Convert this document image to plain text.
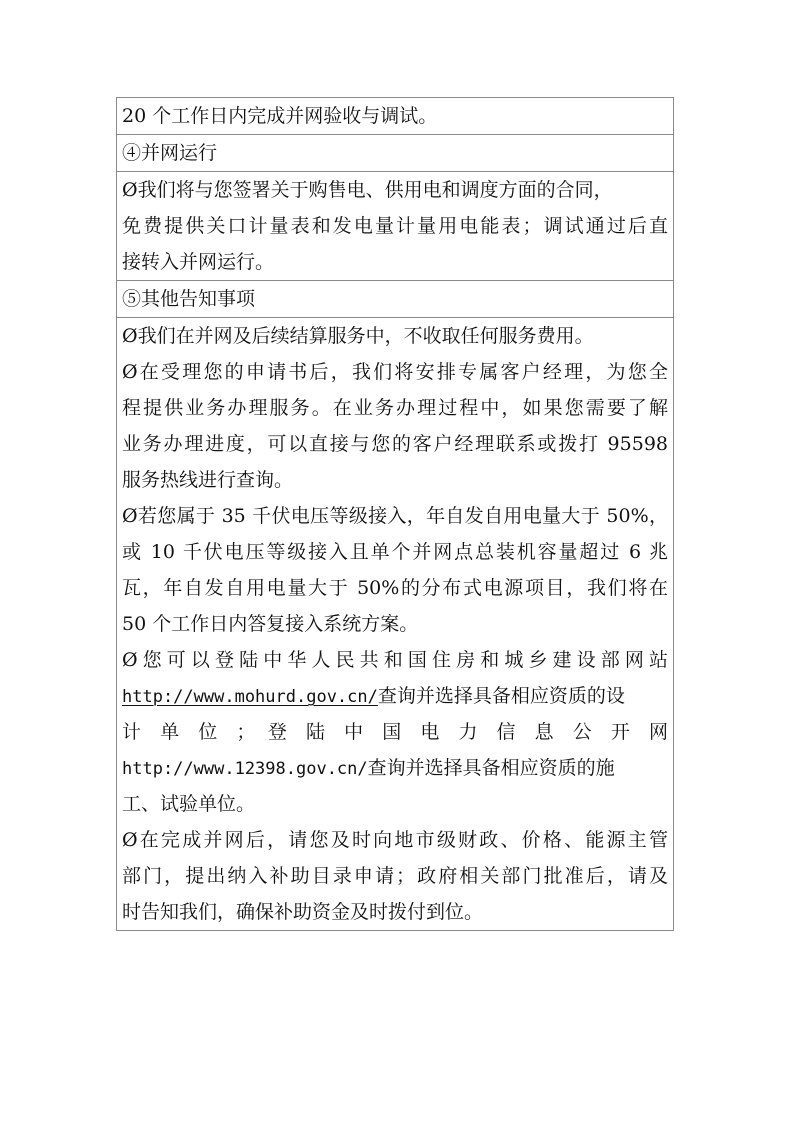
20 个工作日内完成并网验收与调试。
④并网运行
Ø我们将与您签署关于购售电、供用电和调度方面的合同，
免费提供关口计量表和发电量计量用电能表；调试通过后直
接转入并网运行。
⑤其他告知事项
Ø我们在并网及后续结算服务中，不收取任何服务费用。
Ø在受理您的申请书后，我们将安排专属客户经理，为您全
程提供业务办理服务。在业务办理过程中，如果您需要了解
业务办理进度，可以直接与您的客户经理联系或拨打 95598
服务热线进行查询。
Ø若您属于 35 千伏电压等级接入，年自发自用电量大于 50%，
或 10 千伏电压等级接入且单个并网点总装机容量超过 6 兆
瓦，年自发自用电量大于 50%的分布式电源项目，我们将在
50 个工作日内答复接入系统方案。
Ø您可以登陆中华人民共和国住房和城乡建设部网站
http://www.mohurd.gov.cn/查询并选择具备相应资质的设
计 单 位 ； 登 陆 中 国 电 力 信 息 公 开 网
http://www.12398.gov.cn/查询并选择具备相应资质的施
工、试验单位。
Ø在完成并网后，请您及时向地市级财政、价格、能源主管
部门，提出纳入补助目录申请；政府相关部门批准后，请及
时告知我们，确保补助资金及时拨付到位。
